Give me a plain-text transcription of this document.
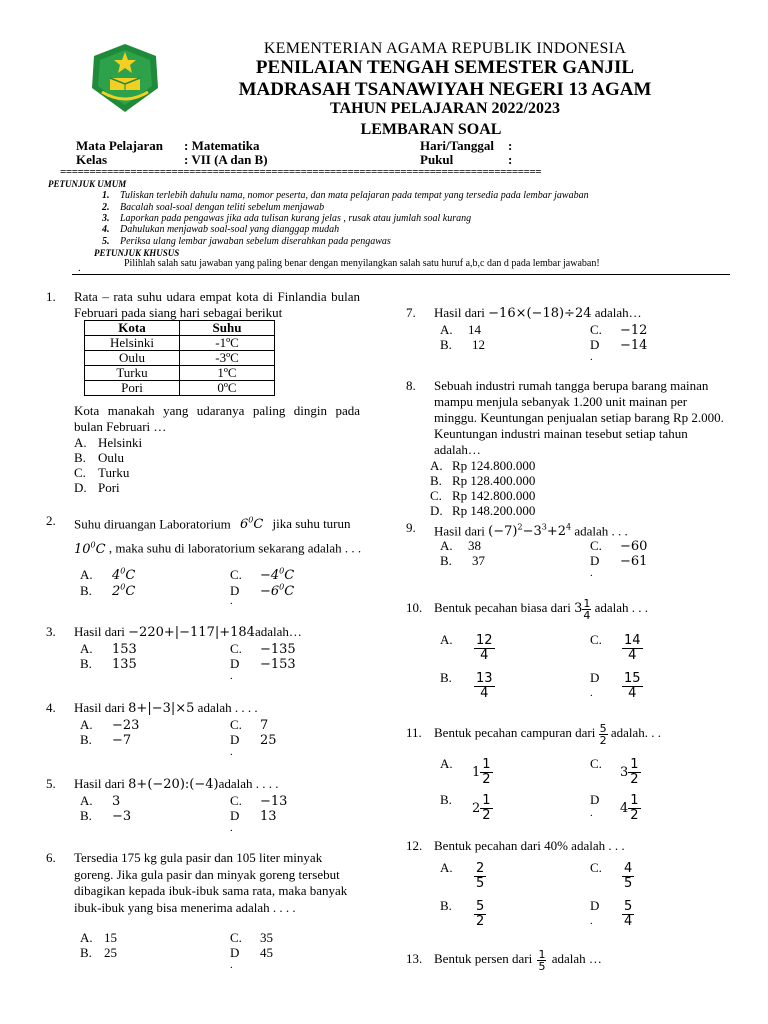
KEMENTERIAN AGAMA REPUBLIK INDONESIA
PENILAIAN TENGAH SEMESTER GANJIL
MADRASAH TSANAWIYAH NEGERI 13 AGAM
TAHUN PELAJARAN 2022/2023
LEMBARAN SOAL
Mata Pelajaran : Matematika
Kelas	: VII (A dan B)
Hari/Tanggal :
Pukul	:
==================================================================================
PETUNJUK UMUM
1. Tuliskan terlebih dahulu nama, nomor peserta, dan mata pelajaran pada tempat yang tersedia pada lembar jawaban
2. Bacalah soal-soal dengan teliti sebelum menjawab
3. Laporkan pada pengawas jika ada tulisan kurang jelas , rusak atau jumlah soal kurang
4. Dahulukan menjawab soal-soal yang dianggap mudah
5. Periksa ulang lembar jawaban sebelum diserahkan pada pengawas
PETUNJUK KHUSUS
Pilihlah salah satu jawaban yang paling benar dengan menyilangkan salah satu huruf a,b,c dan d pada lembar jawaban!
.
1. Rata – rata suhu udara empat kota di Finlandia bulan Februari pada siang hari sebagai berikut
Kota	Suhu
Helsinki	-1ºC
Oulu	-3ºC
Turku	1ºC
Pori	0ºC
Kota manakah yang udaranya paling dingin pada bulan Februari …
A. Helsinki
B. Oulu
C. Turku
D. Pori
2. Suhu diruangan Laboratorium $6^0C$ jika suhu turun $10^0C$ , maka suhu di laboratorium sekarang adalah . . .
A. $4^0C$
B. $2^0C$
C. $-4^0C$
$D -6^0C$
.
3. Hasil dari −220+|−117|+184adalah…
A. 153
B. 135
C. −135
D −153
.
4. Hasil dari 8+|−3|×5 adalah . . . .
A. −23
B. −7
C. 7
D 25
.
5. Hasil dari 8+(−20):(−4)adalah . . . .
A. 3
B. −3
C. −13
D 13
.
6. Tersedia 175 kg gula pasir dan 105 liter minyak goreng. Jika gula pasir dan minyak goreng tersebut dibagikan kepada ibuk-ibuk sama rata, maka banyak ibuk-ibuk yang bisa menerima adalah . . . .
A. 15
B. 25
C. 35
D 45
.
7. Hasil dari −16×(−18)÷24 adalah…
A. 14
B. 12
C. −12
D −14
.
8. Sebuah industri rumah tangga berupa barang mainan mampu menjula sebanyak 1.200 unit mainan per minggu. Keuntungan penjualan setiap barang Rp 2.000. Keuntungan industri mainan tesebut setiap tahun adalah…
A. Rp 124.800.000
B. Rp 128.400.000
C. Rp 142.800.000
D. Rp 148.200.000
9. Hasil dari $(-7)^2-3^3+2^4$ adalah . . .
A. 38
B. 37
C. −60
D −61
.
10. Bentuk pecahan biasa dari $3 \frac{1}{4}$ adalah . . .
A. $\frac{12}{4}$
B. $\frac{13}{4}$
C. $\frac{14}{4}$
D $\frac{15}{4}$
.
11. Bentuk pecahan campuran dari $\frac{5}{2}$ adalah. . .
A.
$1 \frac{1}{2}$
B.
$2 \frac{1}{2}$
C.
$3 \frac{1}{2}$
D
$4 \frac{1}{2}$
.
12. Bentuk pecahan dari 40% adalah . . .
A. $\frac{2}{5}$
B. $\frac{5}{2}$
C. $\frac{4}{5}$
D $\frac{5}{4}$
.
13. Bentuk persen dari $\frac{1}{5}$ adalah …
